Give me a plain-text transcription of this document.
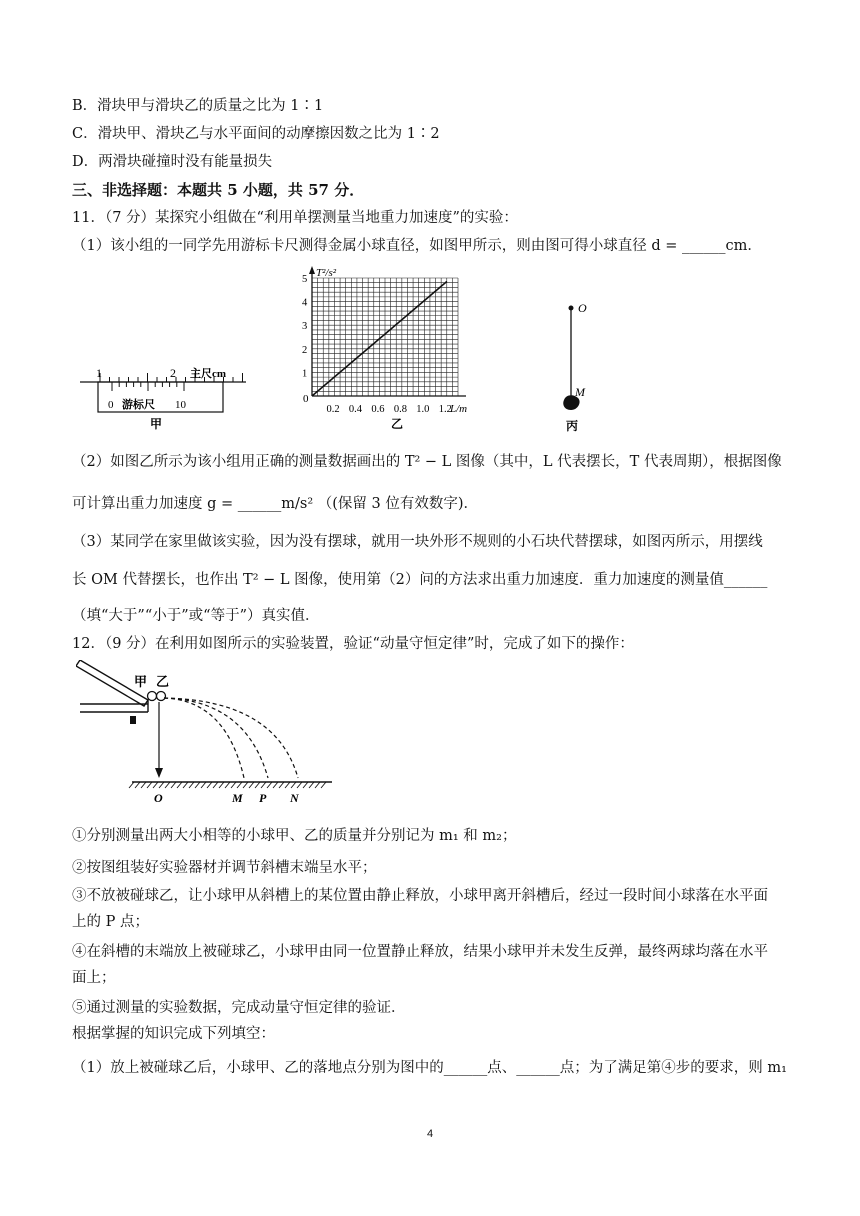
B．滑块甲与滑块乙的质量之比为 1∶1
C．滑块甲、滑块乙与水平面间的动摩擦因数之比为 1∶2
D．两滑块碰撞时没有能量损失
三、非选择题：本题共 5 小题，共 57 分．
11．（7 分）某探究小组做在“利用单摆测量当地重力加速度”的实验：
（1）该小组的一同学先用游标卡尺测得金属小球直径，如图甲所示，则由图可得小球直径 d = ______cm．
1	2 主尺cm
0 游标尺 10
甲
T²/s²
L/m
0
0.2 0.4 0.6 0.8 1.0 1.2
1
2
3
4
5
乙
O
M
丙
（2）如图乙所示为该小组用正确的测量数据画出的 T² − L 图像（其中，L 代表摆长，T 代表周期），根据图像
可计算出重力加速度 g = ______m/s² （(保留 3 位有效数字)．
（3）某同学在家里做该实验，因为没有摆球，就用一块外形不规则的小石块代替摆球，如图丙所示，用摆线
长 OM 代替摆长，也作出 T² − L 图像，使用第（2）问的方法求出重力加速度．重力加速度的测量值______
（填“大于”“小于”或“等于”）真实值．
12．（9 分）在利用如图所示的实验装置，验证“动量守恒定律”时，完成了如下的操作：
甲 乙
O	M P N
①分别测量出两大小相等的小球甲、乙的质量并分别记为 m₁ 和 m₂；
②按图组装好实验器材并调节斜槽末端呈水平；
③不放被碰球乙，让小球甲从斜槽上的某位置由静止释放，小球甲离开斜槽后，经过一段时间小球落在水平面
上的 P 点；
④在斜槽的末端放上被碰球乙，小球甲由同一位置静止释放，结果小球甲并未发生反弹，最终两球均落在水平
面上；
⑤通过测量的实验数据，完成动量守恒定律的验证．
根据掌握的知识完成下列填空：
（1）放上被碰球乙后，小球甲、乙的落地点分别为图中的______点、______点；为了满足第④步的要求，则 m₁
4
